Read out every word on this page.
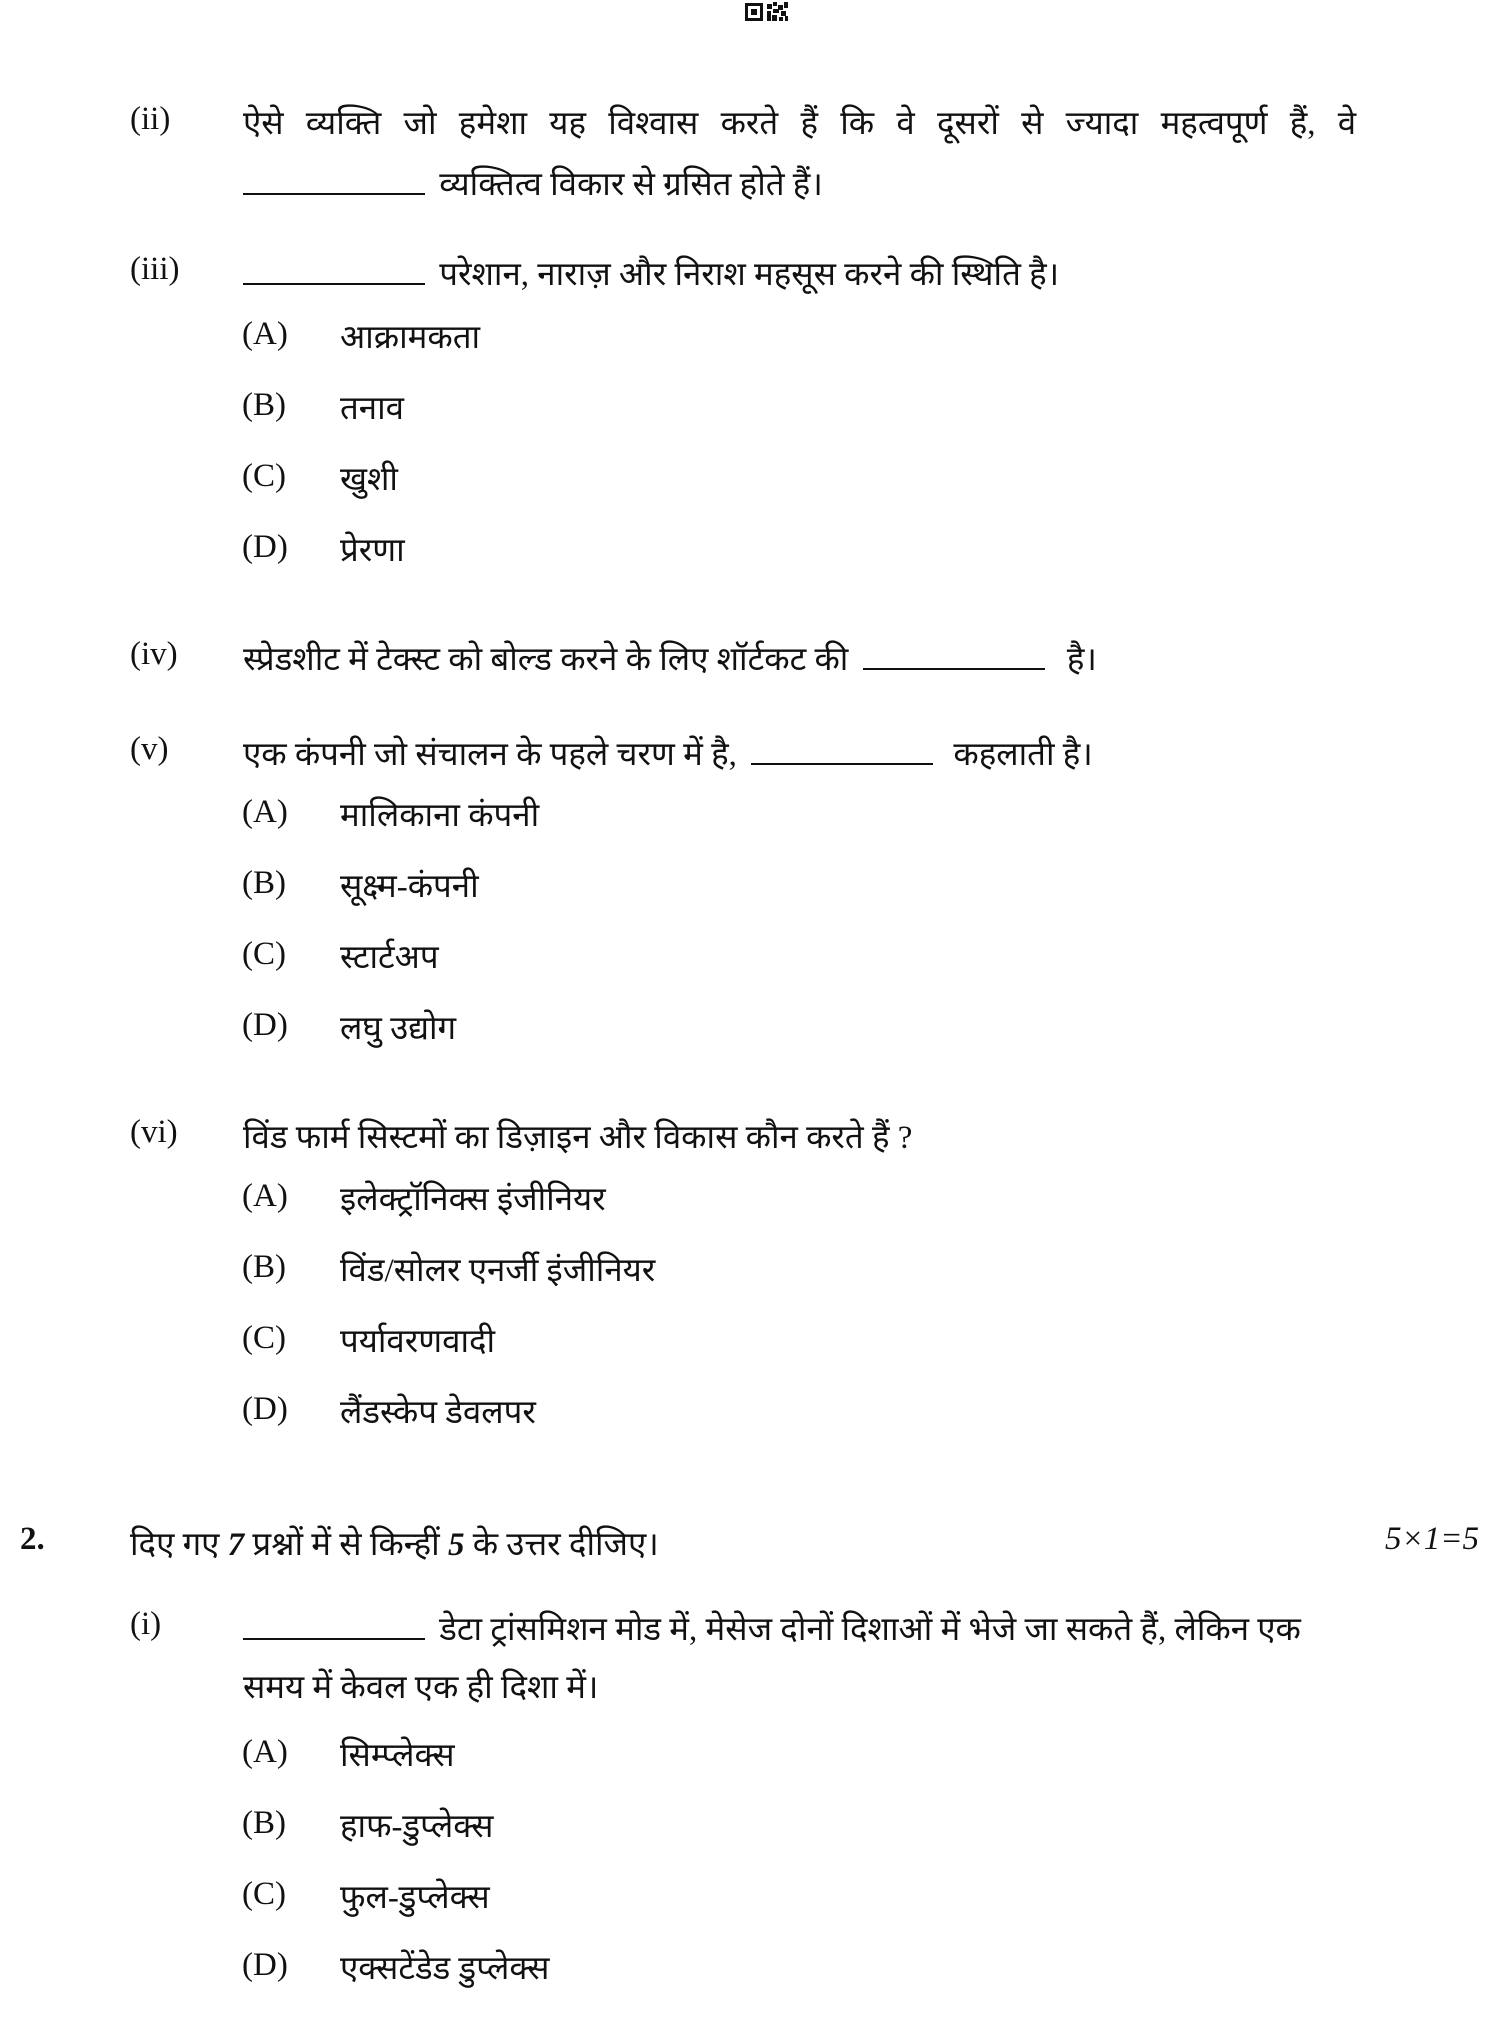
(ii) ऐसे व्यक्ति जो हमेशा यह विश्वास करते हैं कि वे दूसरों से ज्यादा महत्वपूर्ण हैं, वे
व्यक्तित्व विकार से ग्रसित होते हैं।
(iii)	परेशान, नाराज़ और निराश महसूस करने की स्थिति है।
(A) आक्रामकता
(B) तनाव
(C) खुशी
(D) प्रेरणा
(iv) स्प्रेडशीट में टेक्स्ट को बोल्ड करने के लिए शॉर्टकट की	है।
(v) एक कंपनी जो संचालन के पहले चरण में है,	कहलाती है।
(A) मालिकाना कंपनी
(B) सूक्ष्म-कंपनी
(C) स्टार्टअप
(D) लघु उद्योग
(vi) विंड फार्म सिस्टमों का डिज़ाइन और विकास कौन करते हैं ?
(A) इलेक्ट्रॉनिक्स इंजीनियर
(B) विंड/सोलर एनर्जी इंजीनियर
(C) पर्यावरणवादी
(D) लैंडस्केप डेवलपर
2.	दिए गए 7 प्रश्नों में से किन्हीं 5 के उत्तर दीजिए।	5×1=5
(i)	डेटा ट्रांसमिशन मोड में, मेसेज दोनों दिशाओं में भेजे जा सकते हैं, लेकिन एक
समय में केवल एक ही दिशा में।
(A) सिम्प्लेक्स
(B) हाफ-डुप्लेक्स
(C) फुल-डुप्लेक्स
(D) एक्सटेंडेड डुप्लेक्स
